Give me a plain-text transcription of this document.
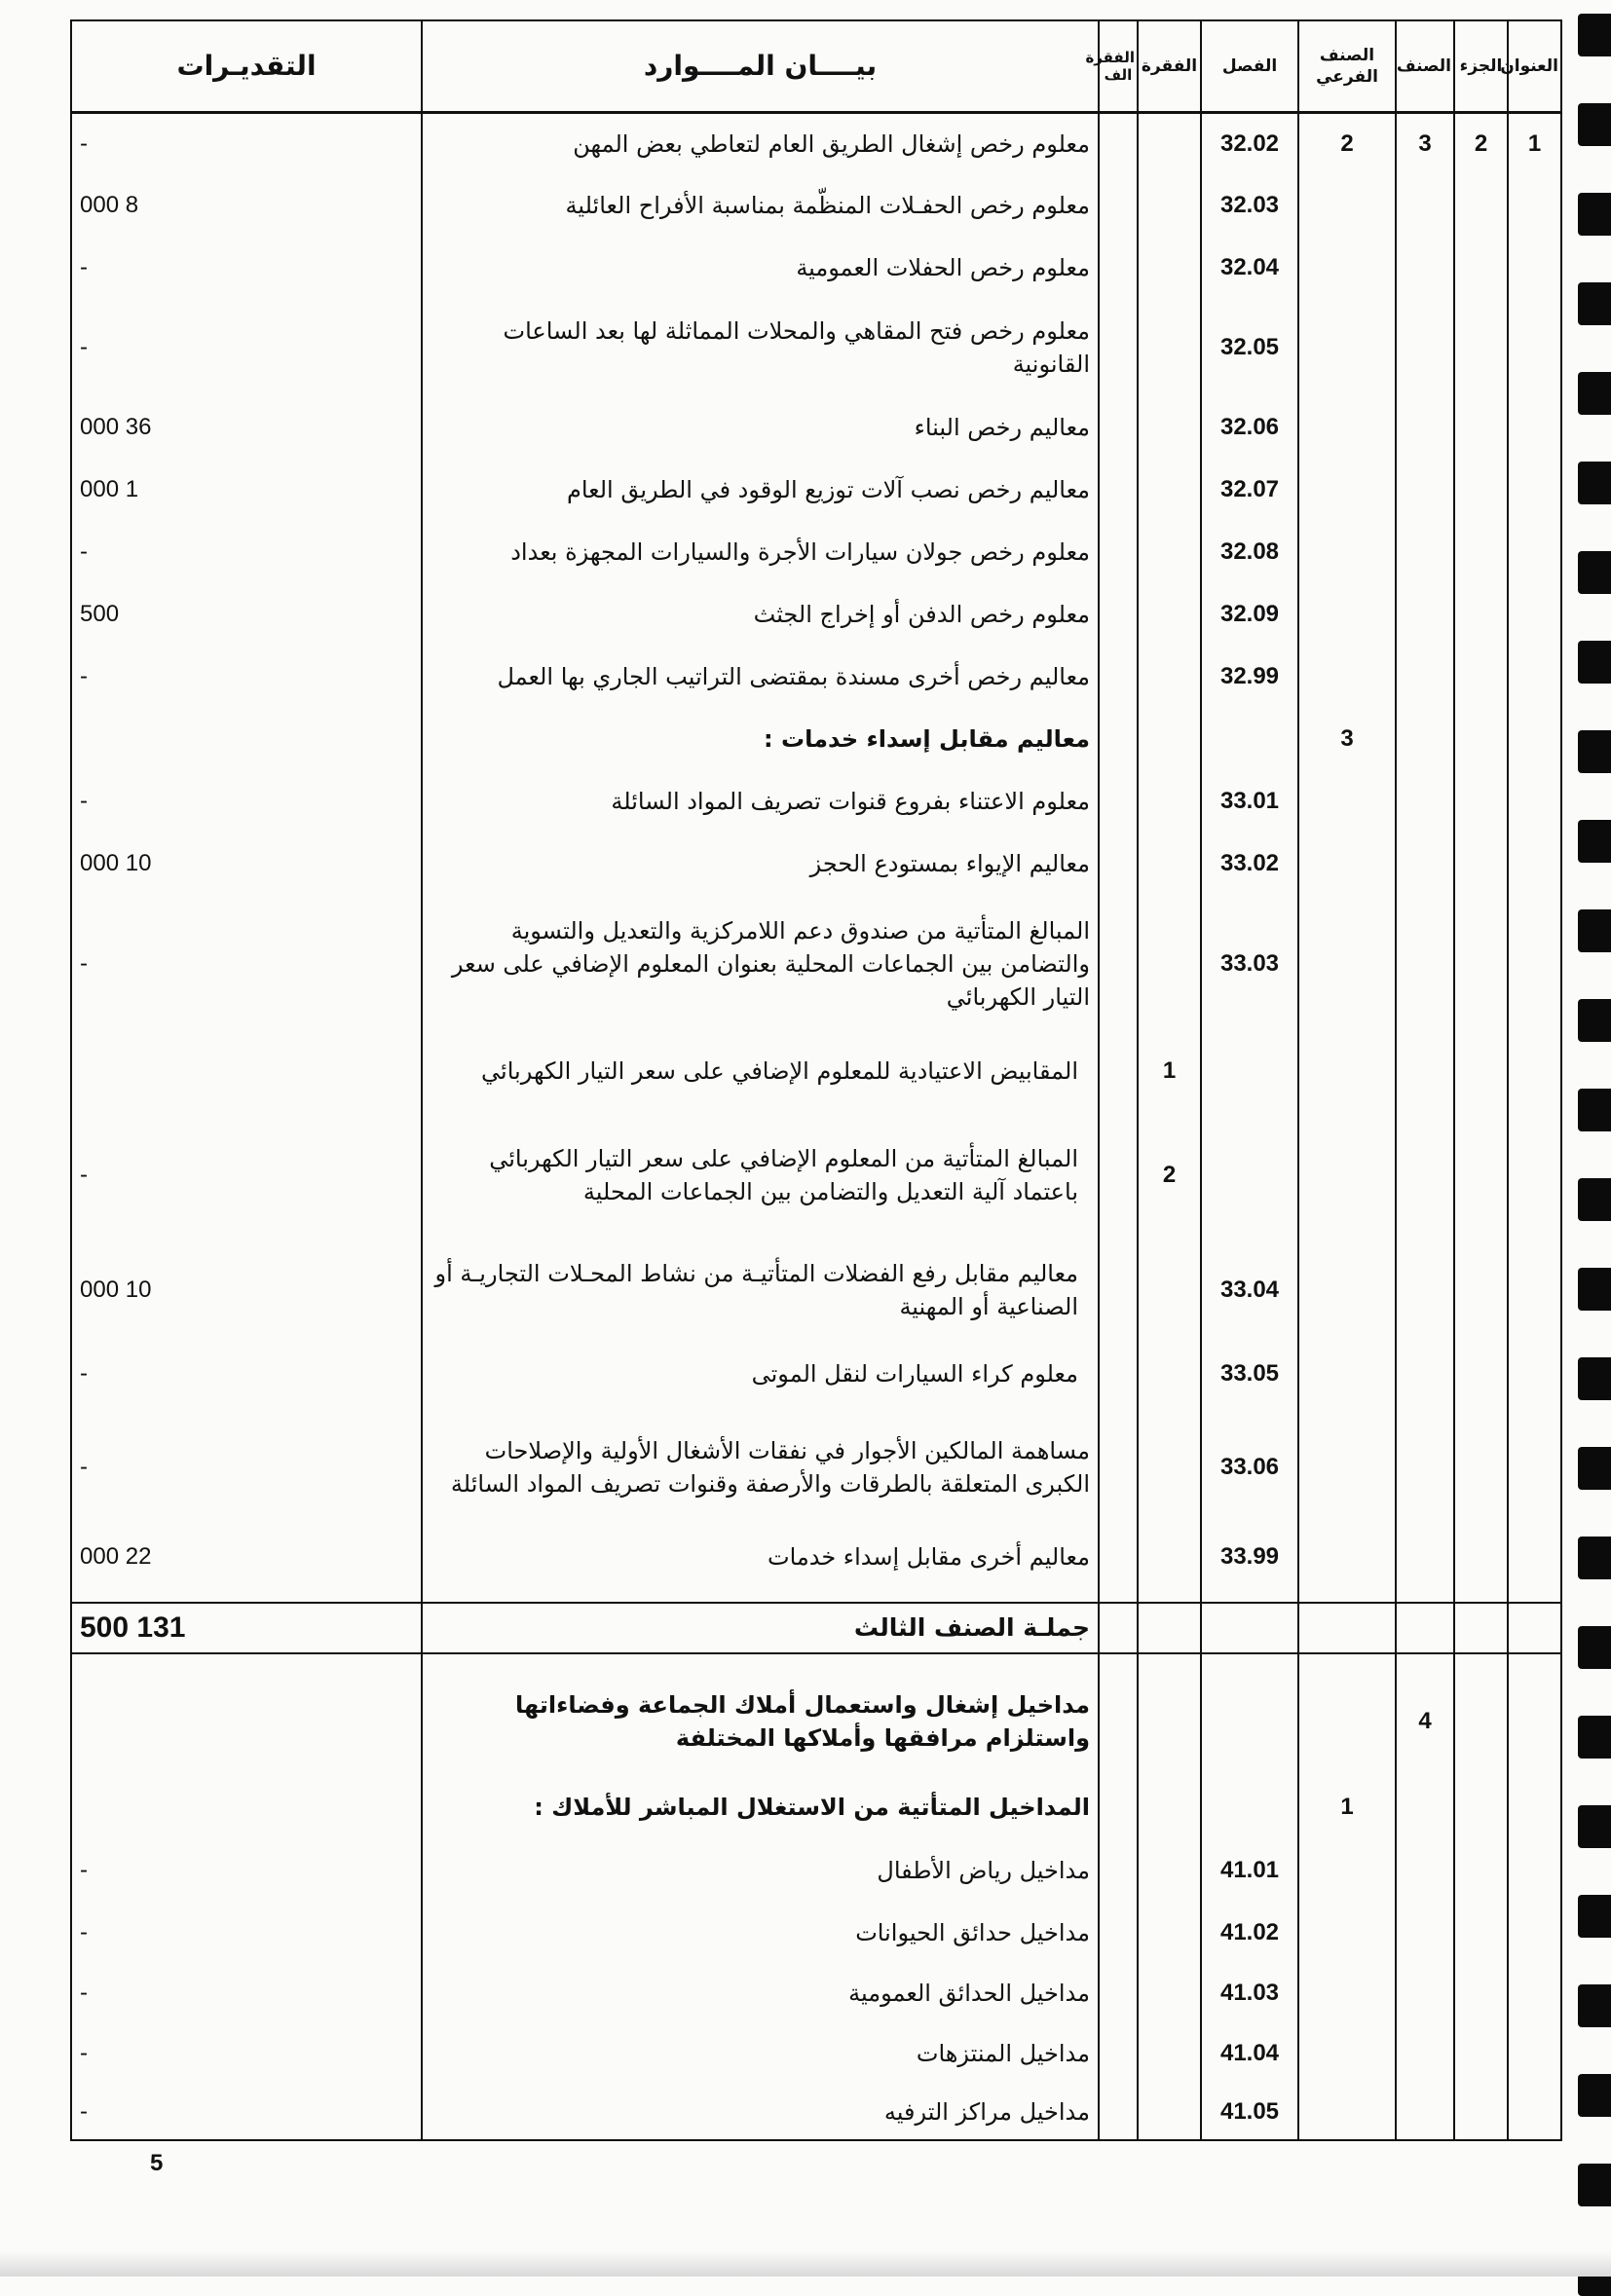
العنوان	الجزء	الصنف	الصنف الفرعي	الفصل	الفقرة	الفقرة الف	بيــــان المــــوارد	التقديـرات
1	2	3	2	32.02			معلوم رخص إشغال الطريق العام لتعاطي بعض المهن	-
				32.03			معلوم رخص الحفـلات المنظّمة بمناسبة الأفراح العائلية	8 000
				32.04			معلوم رخص الحفلات العمومية	-
				32.05			معلوم رخص فتح المقاهي والمحلات المماثلة لها بعد الساعات القانونية	-
				32.06			معاليم رخص البناء	36 000
				32.07			معاليم رخص نصب آلات توزيع الوقود في الطريق العام	1 000
				32.08			معلوم رخص جولان سيارات الأجرة والسيارات المجهزة بعداد	-
				32.09			معلوم رخص الدفن أو إخراج الجثث	500
				32.99			معاليم رخص أخرى مسندة بمقتضى التراتيب الجاري بها العمل	-
			3				معاليم مقابل إسداء خدمات :	
				33.01			معلوم الاعتناء بفروع قنوات تصريف المواد السائلة	-
				33.02			معاليم الإيواء بمستودع الحجز	10 000
				33.03			المبالغ المتأتية من صندوق دعم اللامركزية والتعديل والتسوية والتضامن بين الجماعات المحلية بعنوان المعلوم الإضافي على سعر التيار الكهربائي	-
					1		المقابيض الاعتيادية للمعلوم الإضافي على سعر التيار الكهربائي	
					2		المبالغ المتأتية من المعلوم الإضافي على سعر التيار الكهربائي باعتماد آلية التعديل والتضامن بين الجماعات المحلية	-
				33.04			معاليم مقابل رفع الفضلات المتأتيـة من نشاط المحـلات التجاريـة أو الصناعية أو المهنية	10 000
				33.05			معلوم كراء السيارات لنقل الموتى	-
				33.06			مساهمة المالكين الأجوار في نفقات الأشغال الأولية والإصلاحات الكبرى المتعلقة بالطرقات والأرصفة وقنوات تصريف المواد السائلة	-
				33.99			معاليم أخرى مقابل إسداء خدمات	22 000

							جملـة الصنف الثالث	131 500

		4					مداخيل إشغال واستعمال أملاك الجماعة وفضاءاتها واستلزام مرافقها وأملاكها المختلفة	
			1				المداخيل المتأتية من الاستغلال المباشر للأملاك :	
				41.01			مداخيل رياض الأطفال	-
				41.02			مداخيل حدائق الحيوانات	-
				41.03			مداخيل الحدائق العمومية	-
				41.04			مداخيل المنتزهات	-
				41.05			مداخيل مراكز الترفيه	-
5
